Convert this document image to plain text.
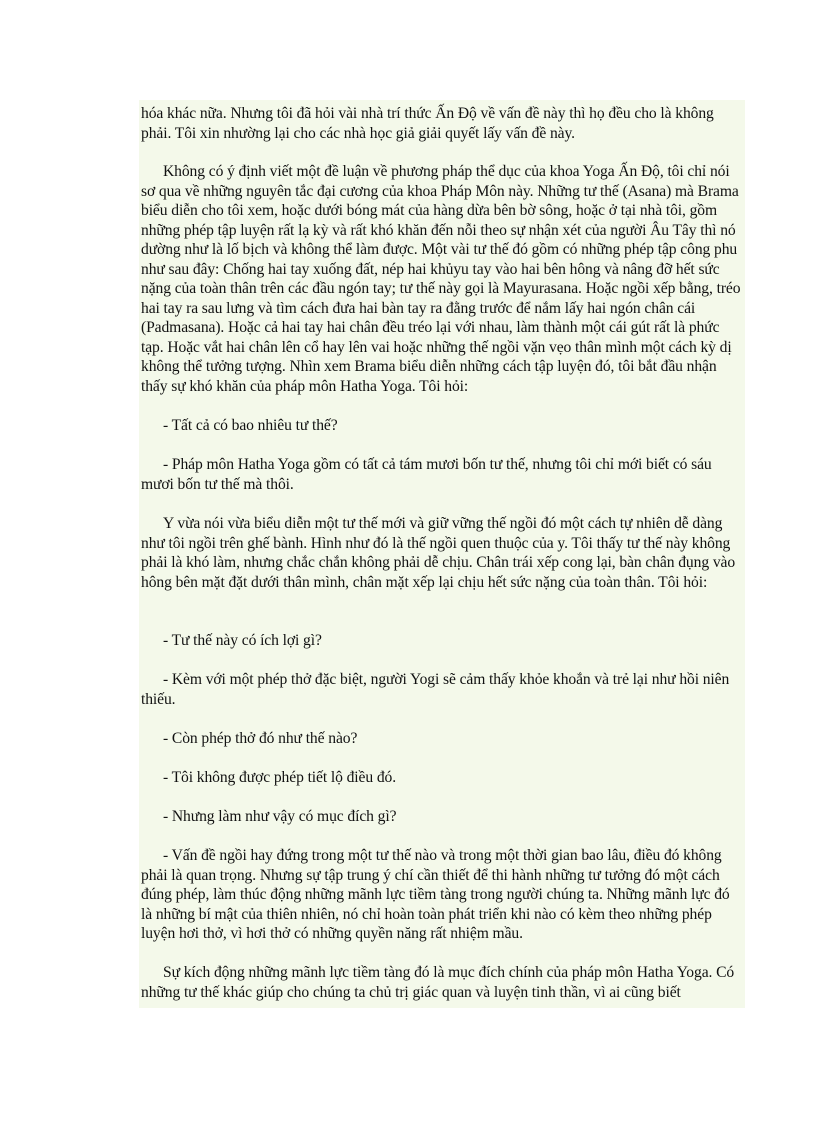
hóa khác nữa. Nhưng tôi đã hỏi vài nhà trí thức Ấn Độ về vấn đề này thì họ đều cho là không phải. Tôi xin nhường lại cho các nhà học giả giải quyết lấy vấn đề này.

Không có ý định viết một đề luận về phương pháp thể dục của khoa Yoga Ấn Độ, tôi chỉ nói sơ qua về những nguyên tắc đại cương của khoa Pháp Môn này. Những tư thế (Asana) mà Brama biểu diễn cho tôi xem, hoặc dưới bóng mát của hàng dừa bên bờ sông, hoặc ở tại nhà tôi, gồm những phép tập luyện rất lạ kỳ và rất khó khăn đến nỗi theo sự nhận xét của người Âu Tây thì nó dường như là lố bịch và không thể làm được. Một vài tư thế đó gồm có những phép tập công phu như sau đây: Chống hai tay xuống đất, nép hai khủyu tay vào hai bên hông và nâng đỡ hết sức nặng của toàn thân trên các đầu ngón tay; tư thế này gọi là Mayurasana. Hoặc ngồi xếp bằng, tréo hai tay ra sau lưng và tìm cách đưa hai bàn tay ra đằng trước để nắm lấy hai ngón chân cái (Padmasana). Hoặc cả hai tay hai chân đều tréo lại với nhau, làm thành một cái gút rất là phức tạp. Hoặc vắt hai chân lên cổ hay lên vai hoặc những thế ngồi vặn vẹo thân mình một cách kỳ dị không thể tưởng tượng. Nhìn xem Brama biểu diễn những cách tập luyện đó, tôi bắt đầu nhận thấy sự khó khăn của pháp môn Hatha Yoga. Tôi hỏi:

- Tất cả có bao nhiêu tư thế?

- Pháp môn Hatha Yoga gồm có tất cả tám mươi bốn tư thế, nhưng tôi chỉ mới biết có sáu mươi bốn tư thế mà thôi.

Y vừa nói vừa biểu diễn một tư thế mới và giữ vững thế ngồi đó một cách tự nhiên dễ dàng như tôi ngồi trên ghế bành. Hình như đó là thế ngồi quen thuộc của y. Tôi thấy tư thế này không phải là khó làm, nhưng chắc chắn không phải dễ chịu. Chân trái xếp cong lại, bàn chân đụng vào hông bên mặt đặt dưới thân mình, chân mặt xếp lại chịu hết sức nặng của toàn thân. Tôi hỏi:

- Tư thế này có ích lợi gì?

- Kèm với một phép thở đặc biệt, người Yogi sẽ cảm thấy khỏe khoắn và trẻ lại như hồi niên thiếu.

- Còn phép thở đó như thế nào?

- Tôi không được phép tiết lộ điều đó.

- Nhưng làm như vậy có mục đích gì?

- Vấn đề ngồi hay đứng trong một tư thế nào và trong một thời gian bao lâu, điều đó không phải là quan trọng. Nhưng sự tập trung ý chí cần thiết để thi hành những tư tưởng đó một cách đúng phép, làm thúc động những mãnh lực tiềm tàng trong người chúng ta. Những mãnh lực đó là những bí mật của thiên nhiên, nó chỉ hoàn toàn phát triển khi nào có kèm theo những phép luyện hơi thở, vì hơi thở có những quyền năng rất nhiệm mầu.

Sự kích động những mãnh lực tiềm tàng đó là mục đích chính của pháp môn Hatha Yoga. Có những tư thế khác giúp cho chúng ta chủ trị giác quan và luyện tinh thần, vì ai cũng biết
